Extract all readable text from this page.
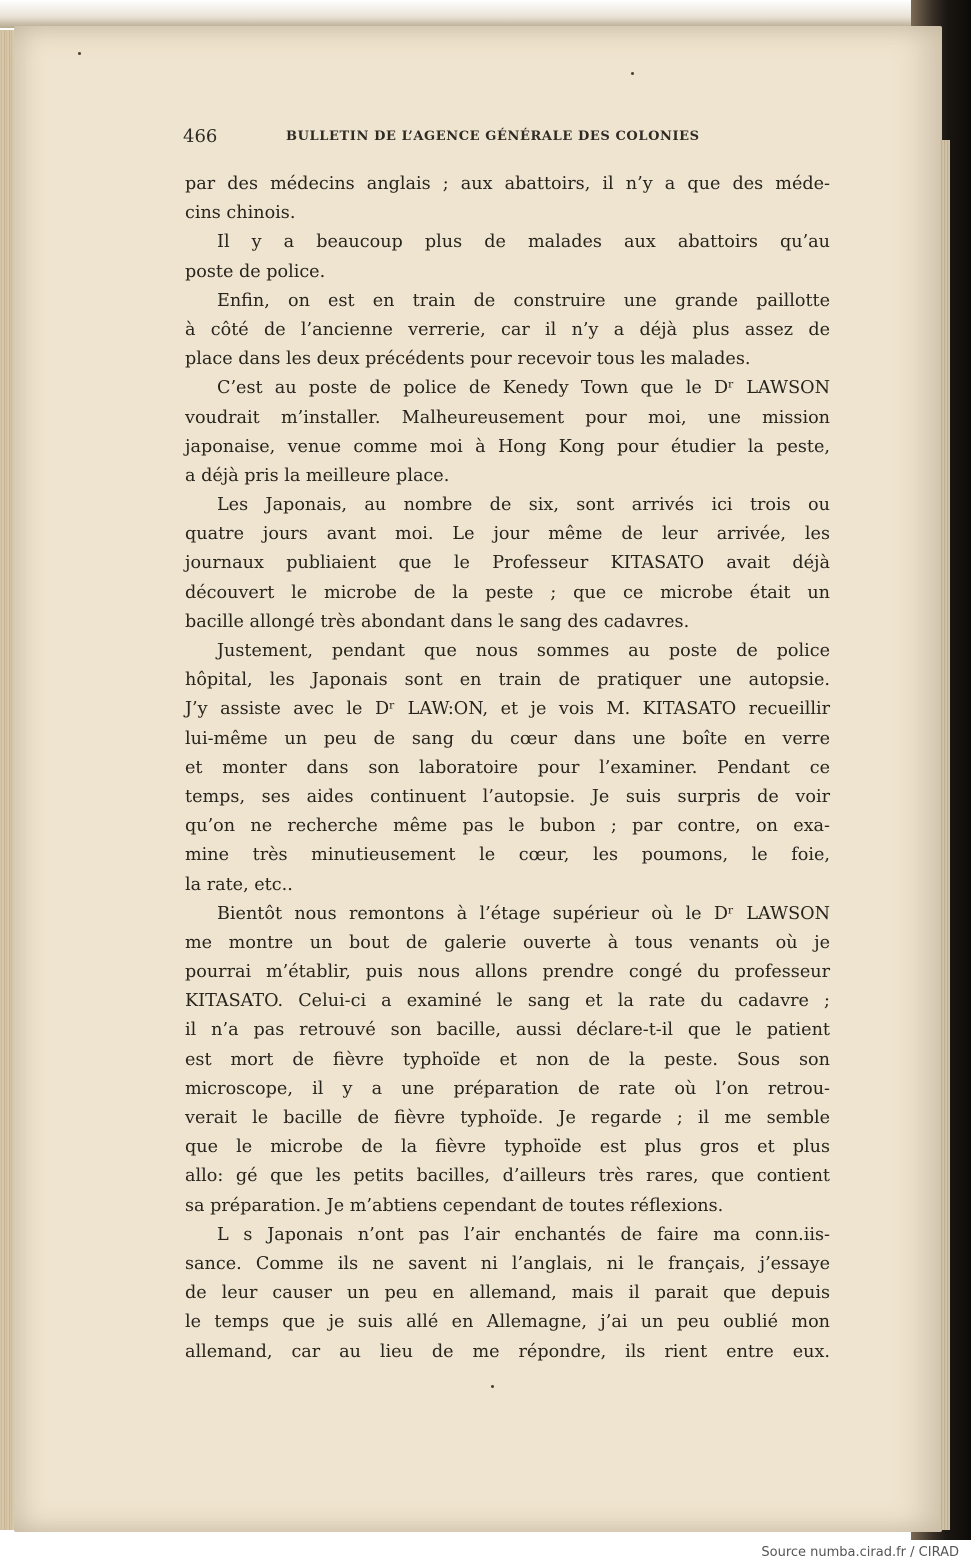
466	BULLETIN DE L’AGENCE GÉNÉRALE DES COLONIES
par des médecins anglais ; aux abattoirs, il n’y a que des méde-
cins chinois.
Il y a beaucoup plus de malades aux abattoirs qu’au
poste de police.
Enfin, on est en train de construire une grande paillotte
à côté de l’ancienne verrerie, car il n’y a déjà plus assez de
place dans les deux précédents pour recevoir tous les malades.
C’est au poste de police de Kenedy Town que le Dʳ LAWSON
voudrait m’installer. Malheureusement pour moi, une mission
japonaise, venue comme moi à Hong Kong pour étudier la peste,
a déjà pris la meilleure place.
Les Japonais, au nombre de six, sont arrivés ici trois ou
quatre jours avant moi. Le jour même de leur arrivée, les
journaux publiaient que le Professeur KITASATO avait déjà
découvert le microbe de la peste ; que ce microbe était un
bacille allongé très abondant dans le sang des cadavres.
Justement, pendant que nous sommes au poste de police
hôpital, les Japonais sont en train de pratiquer une autopsie.
J’y assiste avec le Dʳ LAW:ON, et je vois M. KITASATO recueillir
lui-même un peu de sang du cœur dans une boîte en verre
et monter dans son laboratoire pour l’examiner. Pendant ce
temps, ses aides continuent l’autopsie. Je suis surpris de voir
qu’on ne recherche même pas le bubon ; par contre, on exa-
mine très minutieusement le cœur, les poumons, le foie,
la rate, etc..
Bientôt nous remontons à l’étage supérieur où le Dʳ LAWSON
me montre un bout de galerie ouverte à tous venants où je
pourrai m’établir, puis nous allons prendre congé du professeur
KITASATO. Celui-ci a examiné le sang et la rate du cadavre ;
il n’a pas retrouvé son bacille, aussi déclare-t-il que le patient
est mort de fièvre typhoïde et non de la peste. Sous son
microscope, il y a une préparation de rate où l’on retrou-
verait le bacille de fièvre typhoïde. Je regarde ; il me semble
que le microbe de la fièvre typhoïde est plus gros et plus
allo: gé que les petits bacilles, d’ailleurs très rares, que contient
sa préparation. Je m’abtiens cependant de toutes réflexions.
L s Japonais n’ont pas l’air enchantés de faire ma conn.iis-
sance. Comme ils ne savent ni l’anglais, ni le français, j’essaye
de leur causer un peu en allemand, mais il parait que depuis
le temps que je suis allé en Allemagne, j’ai un peu oublié mon
allemand, car au lieu de me répondre, ils rient entre eux.
Source numba.cirad.fr / CIRAD
